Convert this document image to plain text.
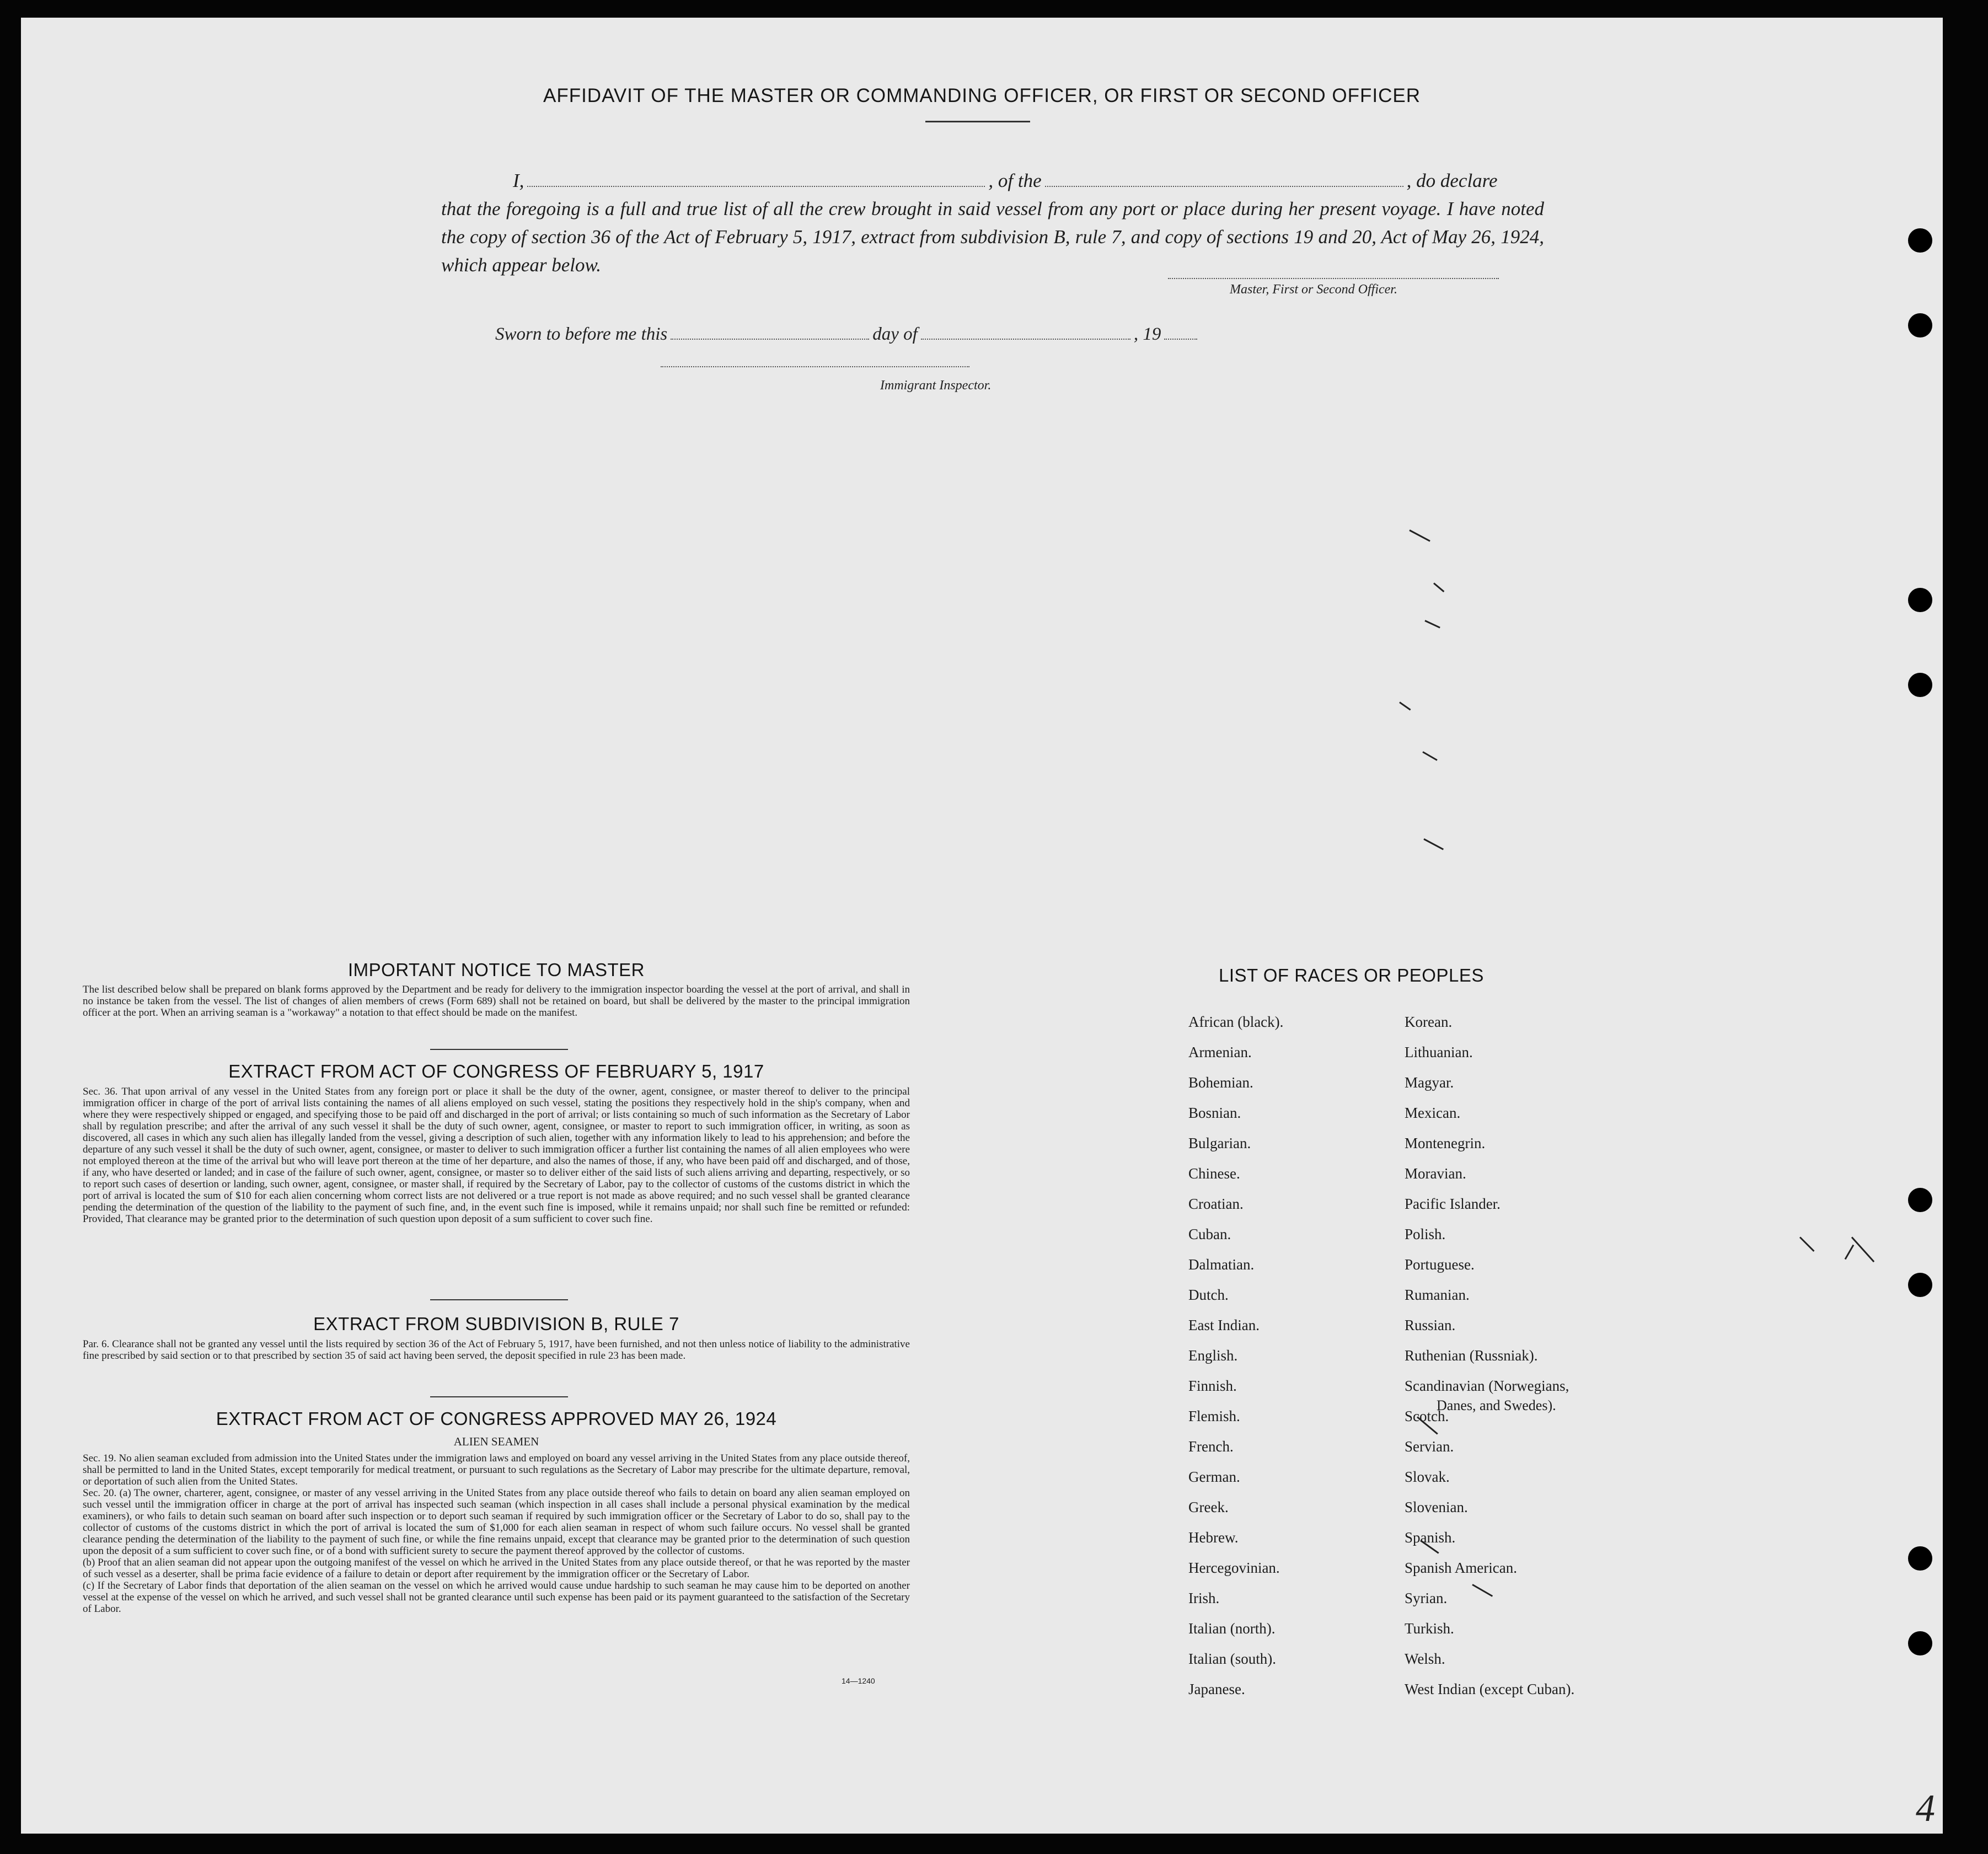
AFFIDAVIT OF THE MASTER OR COMMANDING OFFICER, OR FIRST OR SECOND OFFICER
I,	, of the	, do declare
that the foregoing is a full and true list of all the crew brought in said vessel from any port or place during her present voyage. I have noted the copy of section 36 of the Act of February 5, 1917, extract from subdivision B, rule 7, and copy of sections 19 and 20, Act of May 26, 1924, which appear below.
Master, First or Second Officer.
Sworn to before me this	day of	, 19
Immigrant Inspector.
IMPORTANT NOTICE TO MASTER
The list described below shall be prepared on blank forms approved by the Department and be ready for delivery to the immigration inspector boarding the vessel at the port of arrival, and shall in no instance be taken from the vessel. The list of changes of alien members of crews (Form 689) shall not be retained on board, but shall be delivered by the master to the principal immigration officer at the port. When an arriving seaman is a "workaway" a notation to that effect should be made on the manifest.
EXTRACT FROM ACT OF CONGRESS OF FEBRUARY 5, 1917
Sec. 36. That upon arrival of any vessel in the United States from any foreign port or place it shall be the duty of the owner, agent, consignee, or master thereof to deliver to the principal immigration officer in charge of the port of arrival lists containing the names of all aliens employed on such vessel, stating the positions they respectively hold in the ship's company, when and where they were respectively shipped or engaged, and specifying those to be paid off and discharged in the port of arrival; or lists containing so much of such information as the Secretary of Labor shall by regulation prescribe; and after the arrival of any such vessel it shall be the duty of such owner, agent, consignee, or master to report to such immigration officer, in writing, as soon as discovered, all cases in which any such alien has illegally landed from the vessel, giving a description of such alien, together with any information likely to lead to his apprehension; and before the departure of any such vessel it shall be the duty of such owner, agent, consignee, or master to deliver to such immigration officer a further list containing the names of all alien employees who were not employed thereon at the time of the arrival but who will leave port thereon at the time of her departure, and also the names of those, if any, who have been paid off and discharged, and of those, if any, who have deserted or landed; and in case of the failure of such owner, agent, consignee, or master so to deliver either of the said lists of such aliens arriving and departing, respectively, or so to report such cases of desertion or landing, such owner, agent, consignee, or master shall, if required by the Secretary of Labor, pay to the collector of customs of the customs district in which the port of arrival is located the sum of $10 for each alien concerning whom correct lists are not delivered or a true report is not made as above required; and no such vessel shall be granted clearance pending the determination of the question of the liability to the payment of such fine, and, in the event such fine is imposed, while it remains unpaid; nor shall such fine be remitted or refunded: Provided, That clearance may be granted prior to the determination of such question upon deposit of a sum sufficient to cover such fine.
EXTRACT FROM SUBDIVISION B, RULE 7
Par. 6. Clearance shall not be granted any vessel until the lists required by section 36 of the Act of February 5, 1917, have been furnished, and not then unless notice of liability to the administrative fine prescribed by said section or to that prescribed by section 35 of said act having been served, the deposit specified in rule 23 has been made.
EXTRACT FROM ACT OF CONGRESS APPROVED MAY 26, 1924
ALIEN SEAMEN
Sec. 19. No alien seaman excluded from admission into the United States under the immigration laws and employed on board any vessel arriving in the United States from any place outside thereof, shall be permitted to land in the United States, except temporarily for medical treatment, or pursuant to such regulations as the Secretary of Labor may prescribe for the ultimate departure, removal, or deportation of such alien from the United States.
Sec. 20. (a) The owner, charterer, agent, consignee, or master of any vessel arriving in the United States from any place outside thereof who fails to detain on board any alien seaman employed on such vessel until the immigration officer in charge at the port of arrival has inspected such seaman (which inspection in all cases shall include a personal physical examination by the medical examiners), or who fails to detain such seaman on board after such inspection or to deport such seaman if required by such immigration officer or the Secretary of Labor to do so, shall pay to the collector of customs of the customs district in which the port of arrival is located the sum of $1,000 for each alien seaman in respect of whom such failure occurs. No vessel shall be granted clearance pending the determination of the liability to the payment of such fine, or while the fine remains unpaid, except that clearance may be granted prior to the determination of such question upon the deposit of a sum sufficient to cover such fine, or of a bond with sufficient surety to secure the payment thereof approved by the collector of customs.
(b) Proof that an alien seaman did not appear upon the outgoing manifest of the vessel on which he arrived in the United States from any place outside thereof, or that he was reported by the master of such vessel as a deserter, shall be prima facie evidence of a failure to detain or deport after requirement by the immigration officer or the Secretary of Labor.
(c) If the Secretary of Labor finds that deportation of the alien seaman on the vessel on which he arrived would cause undue hardship to such seaman he may cause him to be deported on another vessel at the expense of the vessel on which he arrived, and such vessel shall not be granted clearance until such expense has been paid or its payment guaranteed to the satisfaction of the Secretary of Labor.
14—1240
LIST OF RACES OR PEOPLES
African (black).
Armenian.
Bohemian.
Bosnian.
Bulgarian.
Chinese.
Croatian.
Cuban.
Dalmatian.
Dutch.
East Indian.
English.
Finnish.
Flemish.
French.
German.
Greek.
Hebrew.
Hercegovinian.
Irish.
Italian (north).
Italian (south).
Japanese.
Korean.
Lithuanian.
Magyar.
Mexican.
Montenegrin.
Moravian.
Pacific Islander.
Polish.
Portuguese.
Rumanian.
Russian.
Ruthenian (Russniak).
Scandinavian (Norwegians,
Scotch.
Servian.
Slovak.
Slovenian.
Spanish.
Spanish American.
Syrian.
Turkish.
Welsh.
West Indian (except Cuban).
Danes, and Swedes).
4
